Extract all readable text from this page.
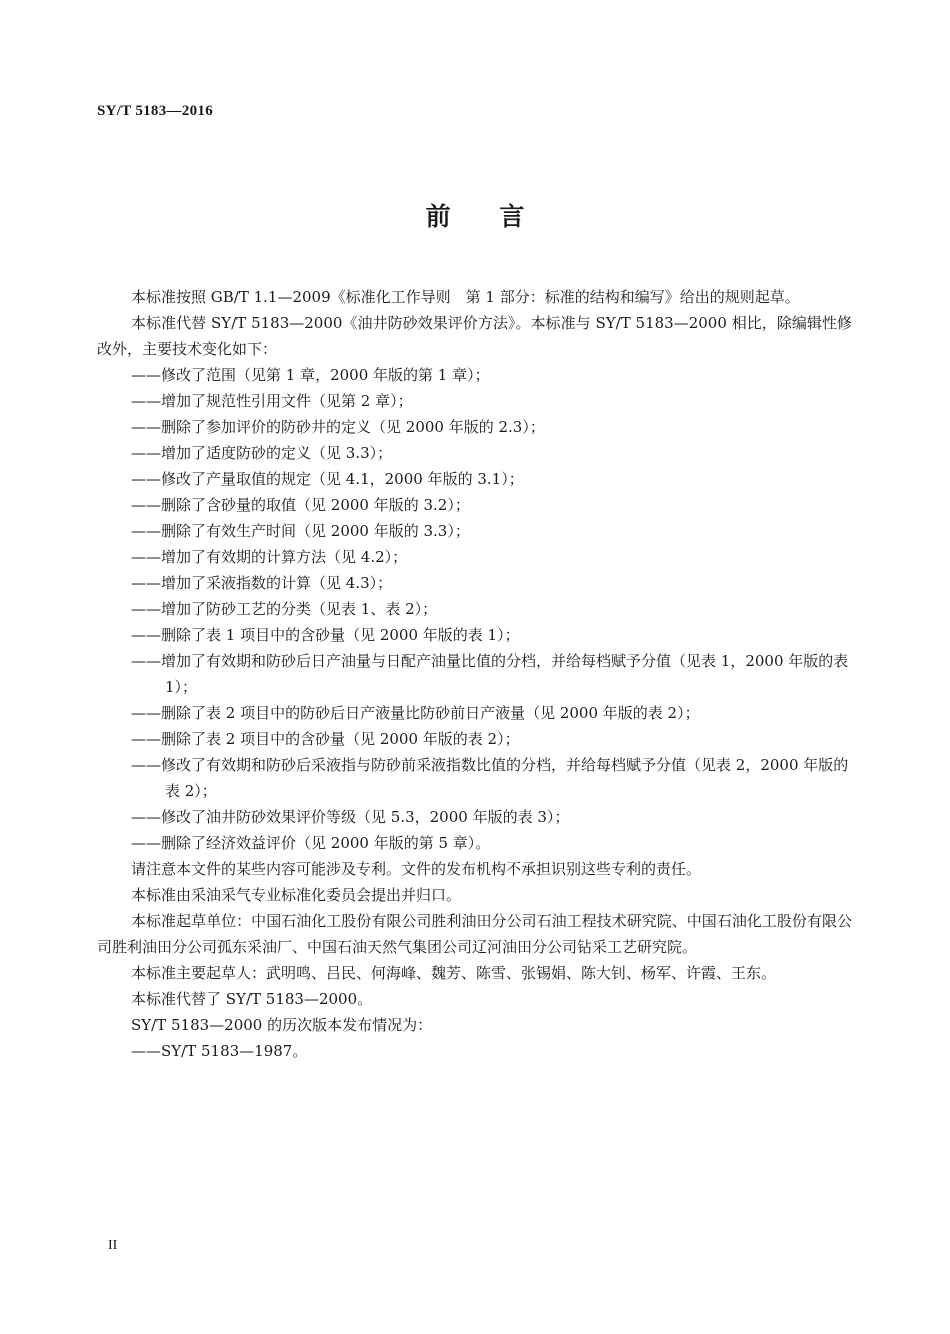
SY/T 5183—2016
前 言

本标准按照 GB/T 1.1—2009《标准化工作导则　第 1 部分：标准的结构和编写》给出的规则起草。

本标准代替 SY/T 5183—2000《油井防砂效果评价方法》。本标准与 SY/T 5183—2000 相比，除编辑性修改外，主要技术变化如下：

——修改了范围（见第 1 章，2000 年版的第 1 章）；

——增加了规范性引用文件（见第 2 章）；

——删除了参加评价的防砂井的定义（见 2000 年版的 2.3）；

——增加了适度防砂的定义（见 3.3）；

——修改了产量取值的规定（见 4.1，2000 年版的 3.1）；

——删除了含砂量的取值（见 2000 年版的 3.2）；

——删除了有效生产时间（见 2000 年版的 3.3）；

——增加了有效期的计算方法（见 4.2）；

——增加了采液指数的计算（见 4.3）；

——增加了防砂工艺的分类（见表 1、表 2）；

——删除了表 1 项目中的含砂量（见 2000 年版的表 1）；

——增加了有效期和防砂后日产油量与日配产油量比值的分档，并给每档赋予分值（见表 1，2000 年版的表 1）；

——删除了表 2 项目中的防砂后日产液量比防砂前日产液量（见 2000 年版的表 2）；

——删除了表 2 项目中的含砂量（见 2000 年版的表 2）；

——修改了有效期和防砂后采液指与防砂前采液指数比值的分档，并给每档赋予分值（见表 2，2000 年版的表 2）；

——修改了油井防砂效果评价等级（见 5.3，2000 年版的表 3）；

——删除了经济效益评价（见 2000 年版的第 5 章）。

请注意本文件的某些内容可能涉及专利。文件的发布机构不承担识别这些专利的责任。

本标准由采油采气专业标准化委员会提出并归口。

本标准起草单位：中国石油化工股份有限公司胜利油田分公司石油工程技术研究院、中国石油化工股份有限公司胜利油田分公司孤东采油厂、中国石油天然气集团公司辽河油田分公司钻采工艺研究院。

本标准主要起草人：武明鸣、吕民、何海峰、魏芳、陈雪、张锡娟、陈大钊、杨军、许霞、王东。

本标准代替了 SY/T 5183—2000。

SY/T 5183—2000 的历次版本发布情况为：

——SY/T 5183—1987。

II
